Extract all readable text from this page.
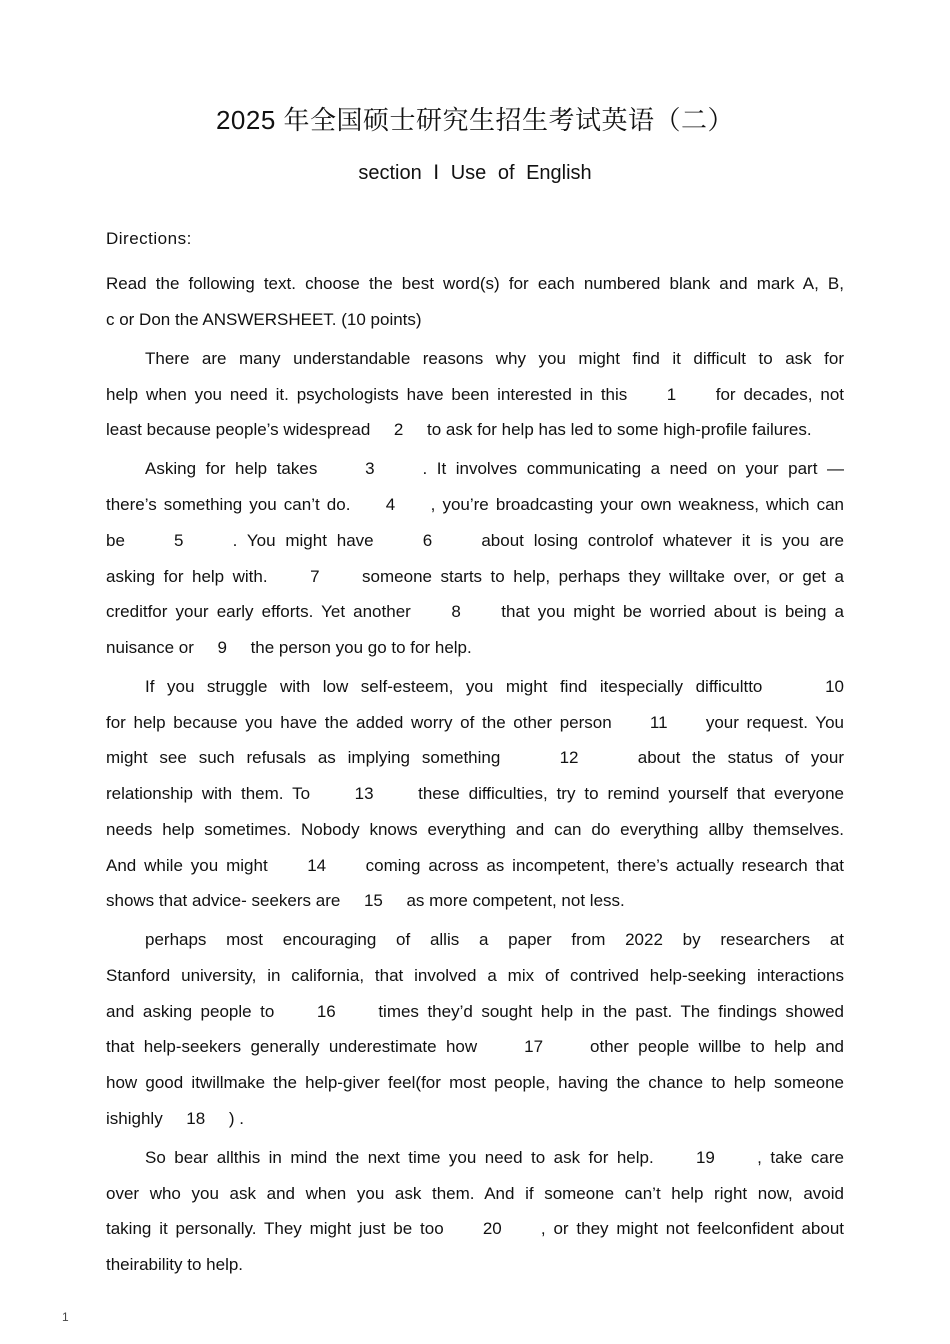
2025 年全国硕士研究生招生考试英语（二）
section Ⅰ Use of English
Directions:
Read the following text. choose the best word(s) for each numbered blank and mark A, B,
c or Don the ANSWERSHEET. (10 points)
There are many understandable reasons why you might find it difficult to ask for
help when you need it. psychologists have been interested in this     1     for decades, not
least because people’s widespread     2     to ask for help has led to some high-profile failures.
Asking for help takes     3     . It involves communicating a need on your part —
there’s something you can’t do.     4     , you’re broadcasting your own weakness, which can
be     5     . You might have     6     about losing controlof whatever it is you are
asking for help with.     7     someone starts to help, perhaps they willtake over, or get a
creditfor your early efforts. Yet another     8     that you might be worried about is being a
nuisance or     9     the person you go to for help.
If you struggle with low self-esteem, you might find itespecially difficultto     10
for help because you have the added worry of the other person     11     your request. You
might see such refusals as implying something     12     about the status of your
relationship with them. To     13     these difficulties, try to remind yourself that everyone
needs help sometimes. Nobody knows everything and can do everything allby themselves.
And while you might     14     coming across as incompetent, there’s actually research that
shows that advice- seekers are     15     as more competent, not less.
perhaps most encouraging of allis a paper from 2022 by researchers at
Stanford university, in california, that involved a mix of contrived help-seeking interactions
and asking people to     16     times they’d sought help in the past. The findings showed
that help-seekers generally underestimate how     17     other people willbe to help and
how good itwillmake the help-giver feel(for most people, having the chance to help someone
ishighly     18     ) .
So bear allthis in mind the next time you need to ask for help.     19     , take care
over who you ask and when you ask them. And if someone can’t help right now, avoid
taking it personally. They might just be too     20     , or they might not feelconfident about
theirability to help.
1
